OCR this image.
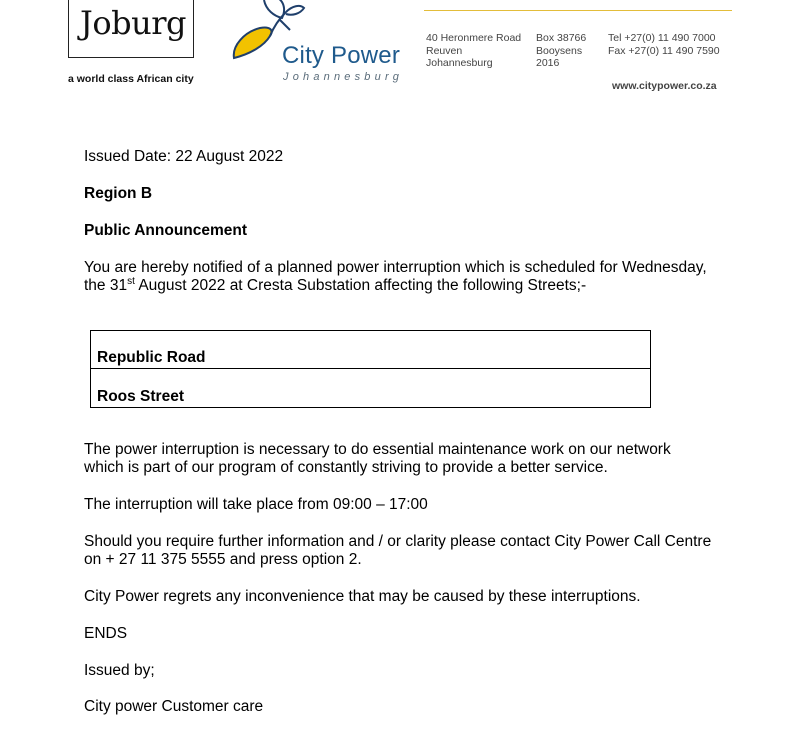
Joburg
a world class African city
City Power
Johannesburg
40 Heronmere Road
Reuven
Johannesburg
Box 38766
Booysens
2016
Tel +27(0) 11 490 7000
Fax +27(0) 11 490 7590
www.citypower.co.za
Issued Date: 22 August 2022
Region B
Public Announcement
You are hereby notified of a planned power interruption which is scheduled for Wednesday,
the 31st August 2022 at Cresta Substation affecting the following Streets;-
Republic Road
Roos Street
The power interruption is necessary to do essential maintenance work on our network
which is part of our program of constantly striving to provide a better service.
The interruption will take place from 09:00 – 17:00
Should you require further information and / or clarity please contact City Power Call Centre
on + 27 11 375 5555 and press option 2.
City Power regrets any inconvenience that may be caused by these interruptions.
ENDS
Issued by;
City power Customer care
